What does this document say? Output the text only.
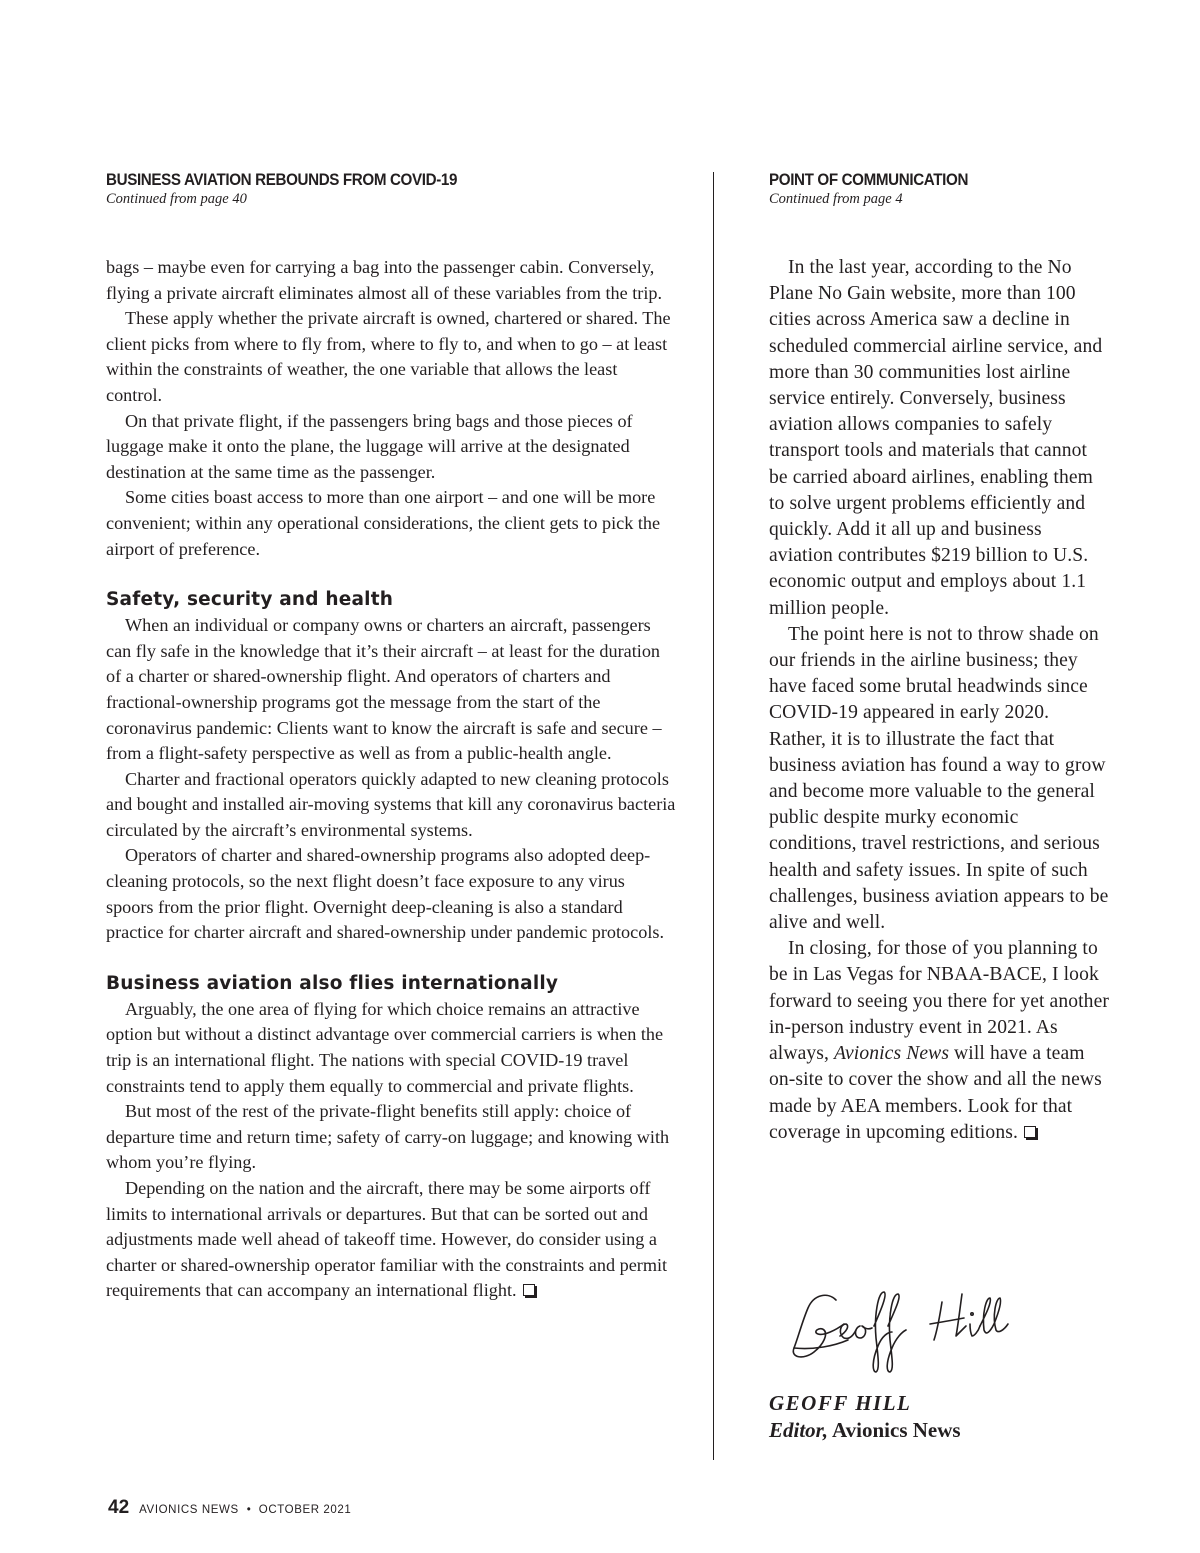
BUSINESS AVIATION REBOUNDS FROM COVID-19

Continued from page 40

bags – maybe even for carrying a bag into the passenger cabin. Conversely, flying a private aircraft eliminates almost all of these variables from the trip.

These apply whether the private aircraft is owned, chartered or shared. The client picks from where to fly from, where to fly to, and when to go – at least within the constraints of weather, the one variable that allows the least control.

On that private flight, if the passengers bring bags and those pieces of luggage make it onto the plane, the luggage will arrive at the designated destination at the same time as the passenger.

Some cities boast access to more than one airport – and one will be more convenient; within any operational considerations, the client gets to pick the airport of preference.

Safety, security and health

When an individual or company owns or charters an aircraft, passengers can fly safe in the knowledge that it’s their aircraft – at least for the duration of a charter or shared-ownership flight. And operators of charters and fractional-ownership programs got the message from the start of the coronavirus pandemic: Clients want to know the aircraft is safe and secure – from a flight-safety perspective as well as from a public-health angle.

Charter and fractional operators quickly adapted to new cleaning protocols and bought and installed air-moving systems that kill any coronavirus bacteria circulated by the aircraft’s environmental systems.

Operators of charter and shared-ownership programs also adopted deep-cleaning protocols, so the next flight doesn’t face exposure to any virus spoors from the prior flight. Overnight deep-cleaning is also a standard practice for charter aircraft and shared-ownership under pandemic protocols.

Business aviation also flies internationally

Arguably, the one area of flying for which choice remains an attractive option but without a distinct advantage over commercial carriers is when the trip is an international flight. The nations with special COVID-19 travel constraints tend to apply them equally to commercial and private flights.

But most of the rest of the private-flight benefits still apply: choice of departure time and return time; safety of carry-on luggage; and knowing with whom you’re flying.

Depending on the nation and the aircraft, there may be some airports off limits to international arrivals or departures. But that can be sorted out and adjustments made well ahead of takeoff time. However, do consider using a charter or shared-ownership operator familiar with the constraints and permit requirements that can accompany an international flight.

POINT OF COMMUNICATION

Continued from page 4

In the last year, according to the No Plane No Gain website, more than 100 cities across America saw a decline in scheduled commercial airline service, and more than 30 communities lost airline service entirely. Conversely, business aviation allows companies to safely transport tools and materials that cannot be carried aboard airlines, enabling them to solve urgent problems efficiently and quickly. Add it all up and business aviation contributes $219 billion to U.S. economic output and employs about 1.1 million people.

The point here is not to throw shade on our friends in the airline business; they have faced some brutal headwinds since COVID-19 appeared in early 2020. Rather, it is to illustrate the fact that business aviation has found a way to grow and become more valuable to the general public despite murky economic conditions, travel restrictions, and serious health and safety issues. In spite of such challenges, business aviation appears to be alive and well.

In closing, for those of you planning to be in Las Vegas for NBAA-BACE, I look forward to seeing you there for yet another in-person industry event in 2021. As always, Avionics News will have a team on-site to cover the show and all the news made by AEA members. Look for that coverage in upcoming editions.

GEOFF HILL
Editor, Avionics News
42 AVIONICS NEWS • OCTOBER 2021
